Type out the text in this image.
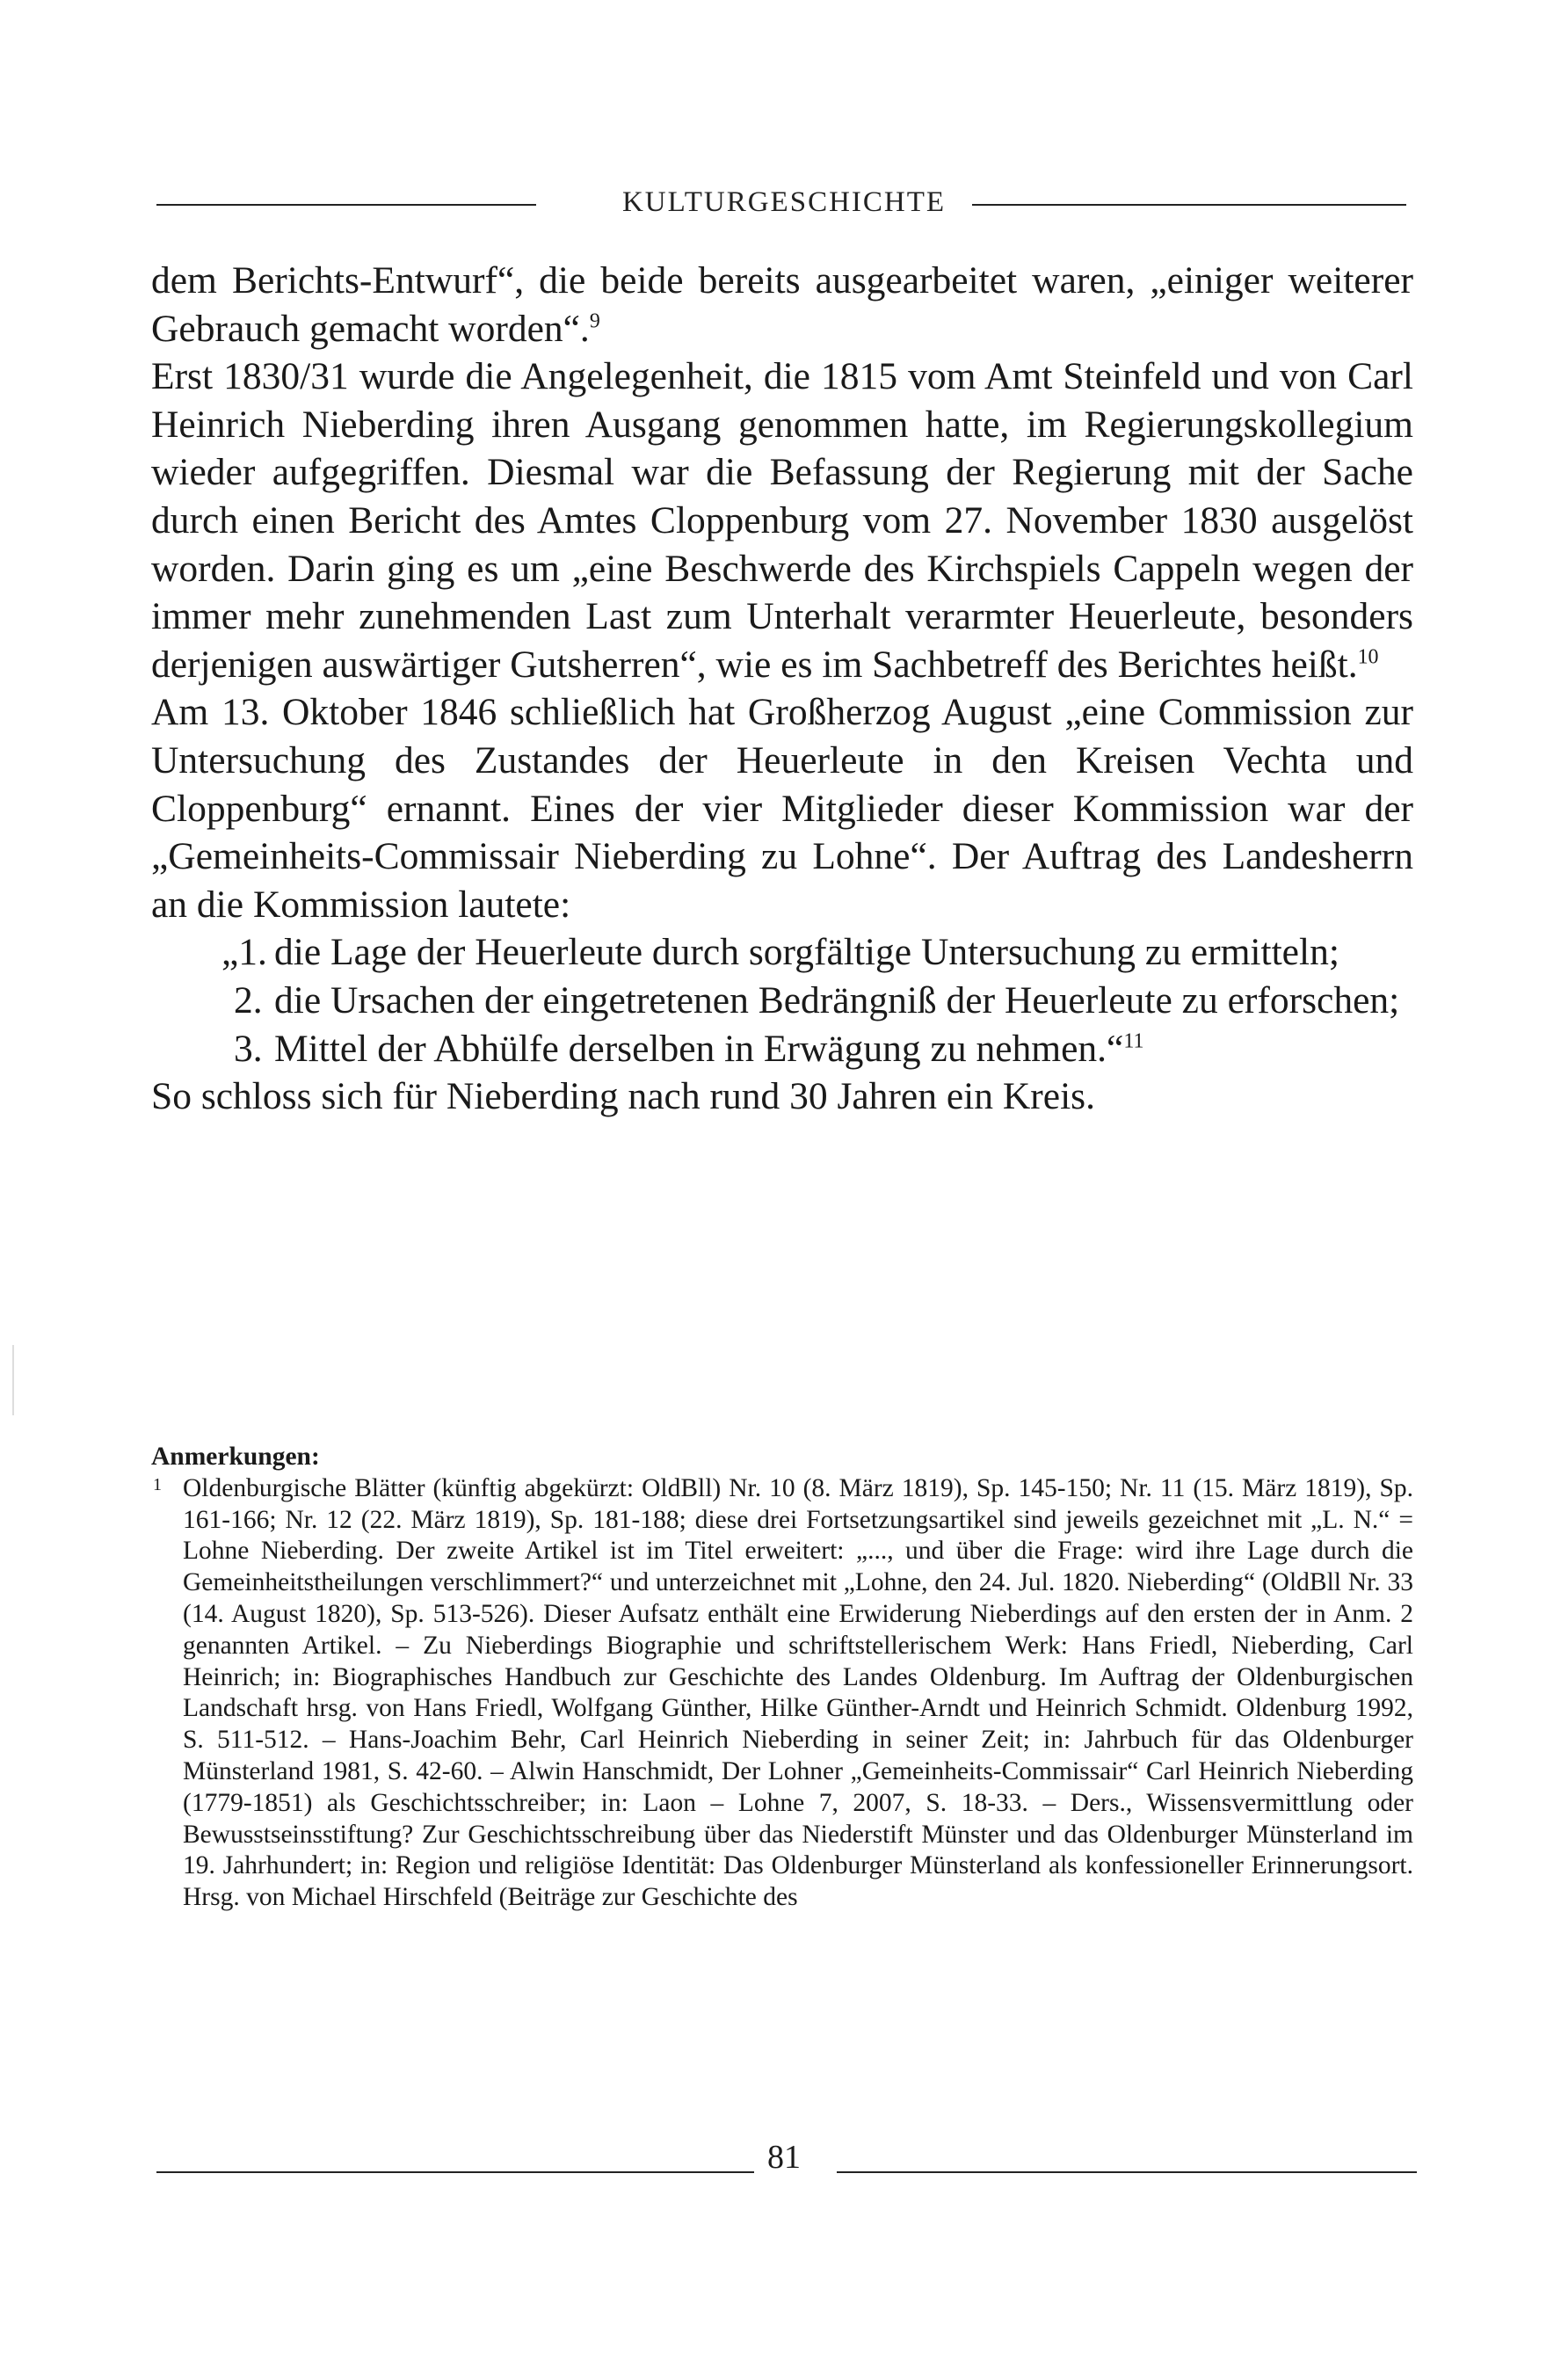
KULTURGESCHICHTE

dem Berichts-Entwurf“, die beide bereits ausgearbeitet waren, „einiger weiterer Gebrauch gemacht worden“.$^9$

Erst 1830/31 wurde die Angelegenheit, die 1815 vom Amt Steinfeld und von Carl Heinrich Nieberding ihren Ausgang genommen hatte, im Regierungskollegium wieder aufgegriffen. Diesmal war die Befassung der Regierung mit der Sache durch einen Bericht des Amtes Cloppenburg vom 27. November 1830 ausgelöst worden. Darin ging es um „eine Beschwerde des Kirchspiels Cappeln wegen der immer mehr zunehmenden Last zum Unterhalt verarmter Heuerleute, besonders derjenigen auswärtiger Gutsherren“, wie es im Sachbetreff des Berichtes heißt.$^{10}$

Am 13. Oktober 1846 schließlich hat Großherzog August „eine Commission zur Untersuchung des Zustandes der Heuerleute in den Kreisen Vechta und Cloppenburg“ ernannt. Eines der vier Mitglieder dieser Kommission war der „Gemeinheits-Commissair Nieberding zu Lohne“. Der Auftrag des Landesherrn an die Kommission lautete:

„1. die Lage der Heuerleute durch sorgfältige Untersuchung zu ermitteln;
2. die Ursachen der eingetretenen Bedrängniß der Heuerleute zu erforschen;
3. Mittel der Abhülfe derselben in Erwägung zu nehmen.“$^{11}$

So schloss sich für Nieberding nach rund 30 Jahren ein Kreis.

Anmerkungen:

1 Oldenburgische Blätter (künftig abgekürzt: OldBll) Nr. 10 (8. März 1819), Sp. 145-150; Nr. 11 (15. März 1819), Sp. 161-166; Nr. 12 (22. März 1819), Sp. 181-188; diese drei Fortsetzungsartikel sind jeweils gezeichnet mit „L. N.“ = Lohne Nieberding. Der zweite Artikel ist im Titel erweitert: „..., und über die Frage: wird ihre Lage durch die Gemeinheitstheilungen verschlimmert?“ und unterzeichnet mit „Lohne, den 24. Jul. 1820. Nieberding“ (OldBll Nr. 33 (14. August 1820), Sp. 513-526). Dieser Aufsatz enthält eine Erwiderung Nieberdings auf den ersten der in Anm. 2 genannten Artikel. – Zu Nieberdings Biographie und schriftstellerischem Werk: Hans Friedl, Nieberding, Carl Heinrich; in: Biographisches Handbuch zur Geschichte des Landes Oldenburg. Im Auftrag der Oldenburgischen Landschaft hrsg. von Hans Friedl, Wolfgang Günther, Hilke Günther-Arndt und Heinrich Schmidt. Oldenburg 1992, S. 511-512. – Hans-Joachim Behr, Carl Heinrich Nieberding in seiner Zeit; in: Jahrbuch für das Oldenburger Münsterland 1981, S. 42-60. – Alwin Hanschmidt, Der Lohner „Gemeinheits-Commissair“ Carl Heinrich Nieberding (1779-1851) als Geschichtsschreiber; in: Laon – Lohne 7, 2007, S. 18-33. – Ders., Wissensvermittlung oder Bewusstseinsstiftung? Zur Geschichtsschreibung über das Niederstift Münster und das Oldenburger Münsterland im 19. Jahrhundert; in: Region und religiöse Identität: Das Oldenburger Münsterland als konfessioneller Erinnerungsort. Hrsg. von Michael Hirschfeld (Beiträge zur Geschichte des
81
